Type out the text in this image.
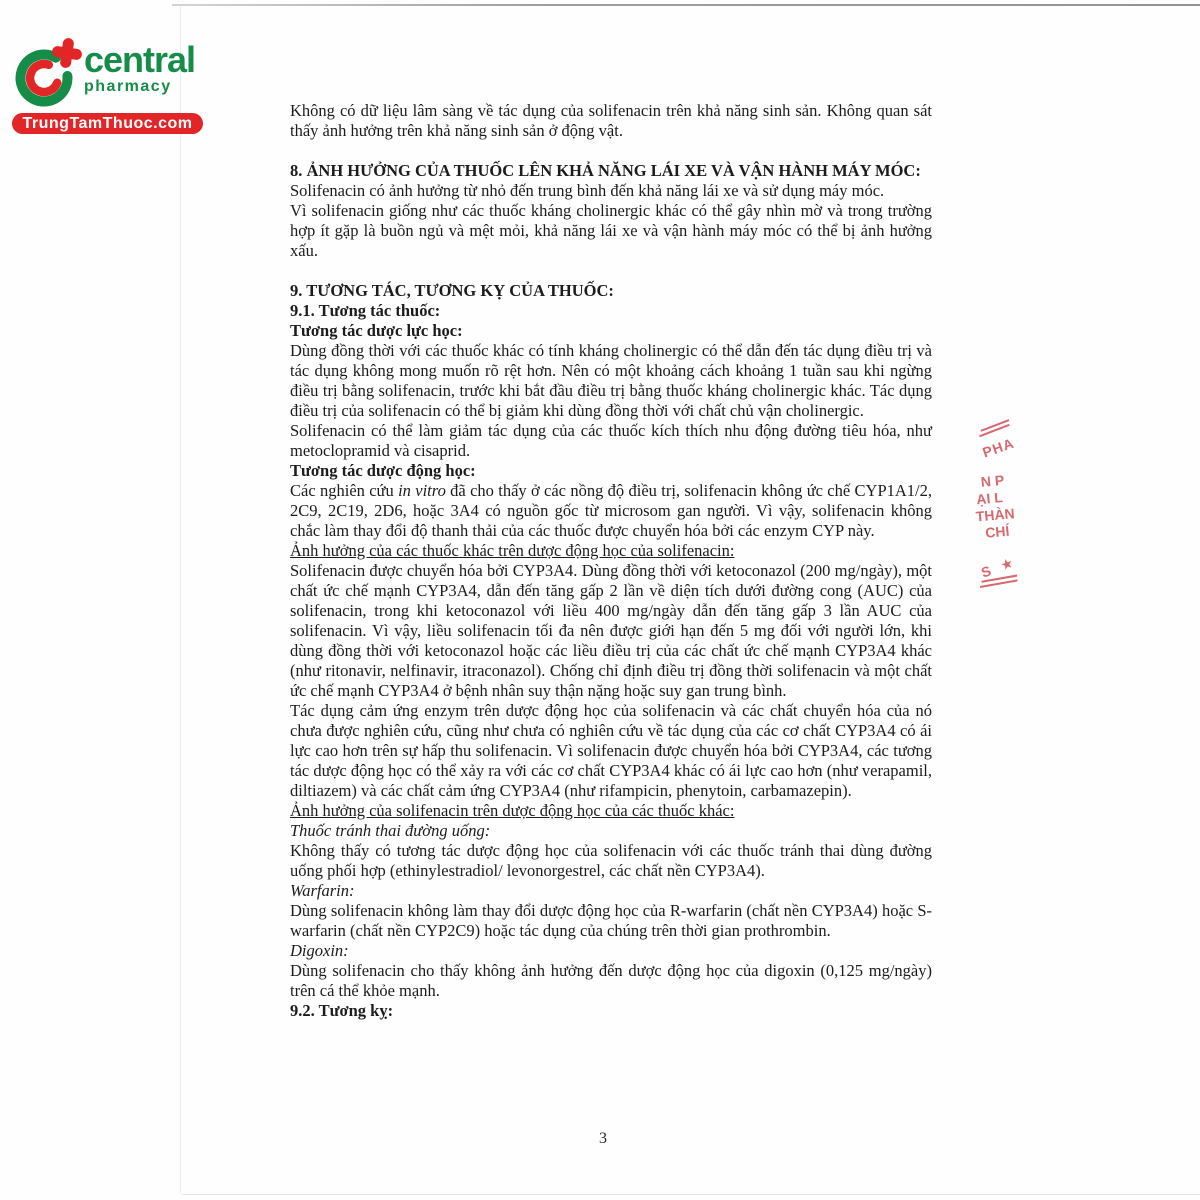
central
pharmacy
TrungTamThuoc.com
Không có dữ liệu lâm sàng về tác dụng của solifenacin trên khả năng sinh sản. Không quan sát thấy ảnh hưởng trên khả năng sinh sản ở động vật.
8. ẢNH HƯỞNG CỦA THUỐC LÊN KHẢ NĂNG LÁI XE VÀ VẬN HÀNH MÁY MÓC:
Solifenacin có ảnh hưởng từ nhỏ đến trung bình đến khả năng lái xe và sử dụng máy móc.
Vì solifenacin giống như các thuốc kháng cholinergic khác có thể gây nhìn mờ và trong trường hợp ít gặp là buồn ngủ và mệt mỏi, khả năng lái xe và vận hành máy móc có thể bị ảnh hưởng xấu.
9. TƯƠNG TÁC, TƯƠNG KỴ CỦA THUỐC:
9.1. Tương tác thuốc:
Tương tác dược lực học:
Dùng đồng thời với các thuốc khác có tính kháng cholinergic có thể dẫn đến tác dụng điều trị và tác dụng không mong muốn rõ rệt hơn. Nên có một khoảng cách khoảng 1 tuần sau khi ngừng điều trị bằng solifenacin, trước khi bắt đầu điều trị bằng thuốc kháng cholinergic khác. Tác dụng điều trị của solifenacin có thể bị giảm khi dùng đồng thời với chất chủ vận cholinergic.
Solifenacin có thể làm giảm tác dụng của các thuốc kích thích nhu động đường tiêu hóa, như metoclopramid và cisaprid.
Tương tác dược động học:
Các nghiên cứu in vitro đã cho thấy ở các nồng độ điều trị, solifenacin không ức chế CYP1A1/2, 2C9, 2C19, 2D6, hoặc 3A4 có nguồn gốc từ microsom gan người. Vì vậy, solifenacin không chắc làm thay đổi độ thanh thải của các thuốc được chuyển hóa bởi các enzym CYP này.
Ảnh hưởng của các thuốc khác trên dược động học của solifenacin:
Solifenacin được chuyển hóa bởi CYP3A4. Dùng đồng thời với ketoconazol (200 mg/ngày), một chất ức chế mạnh CYP3A4, dẫn đến tăng gấp 2 lần về diện tích dưới đường cong (AUC) của solifenacin, trong khi ketoconazol với liều 400 mg/ngày dẫn đến tăng gấp 3 lần AUC của solifenacin. Vì vậy, liều solifenacin tối đa nên được giới hạn đến 5 mg đối với người lớn, khi dùng đồng thời với ketoconazol hoặc các liều điều trị của các chất ức chế mạnh CYP3A4 khác (như ritonavir, nelfinavir, itraconazol). Chống chỉ định điều trị đồng thời solifenacin và một chất ức chế mạnh CYP3A4 ở bệnh nhân suy thận nặng hoặc suy gan trung bình.
Tác dụng cảm ứng enzym trên dược động học của solifenacin và các chất chuyển hóa của nó chưa được nghiên cứu, cũng như chưa có nghiên cứu về tác dụng của các cơ chất CYP3A4 có ái lực cao hơn trên sự hấp thu solifenacin. Vì solifenacin được chuyển hóa bởi CYP3A4, các tương tác dược động học có thể xảy ra với các cơ chất CYP3A4 khác có ái lực cao hơn (như verapamil, diltiazem) và các chất cảm ứng CYP3A4 (như rifampicin, phenytoin, carbamazepin).
Ảnh hưởng của solifenacin trên dược động học của các thuốc khác:
Thuốc tránh thai đường uống:
Không thấy có tương tác dược động học của solifenacin với các thuốc tránh thai dùng đường uống phối hợp (ethinylestradiol/ levonorgestrel, các chất nền CYP3A4).
Warfarin:
Dùng solifenacin không làm thay đổi dược động học của R-warfarin (chất nền CYP3A4) hoặc S-warfarin (chất nền CYP2C9) hoặc tác dụng của chúng trên thời gian prothrombin.
Digoxin:
Dùng solifenacin cho thấy không ảnh hưởng đến dược động học của digoxin (0,125 mg/ngày) trên cá thể khỏe mạnh.
9.2. Tương kỵ:
PHA
N P
ẠI L
THÀN
CHÍ
S ★
3
